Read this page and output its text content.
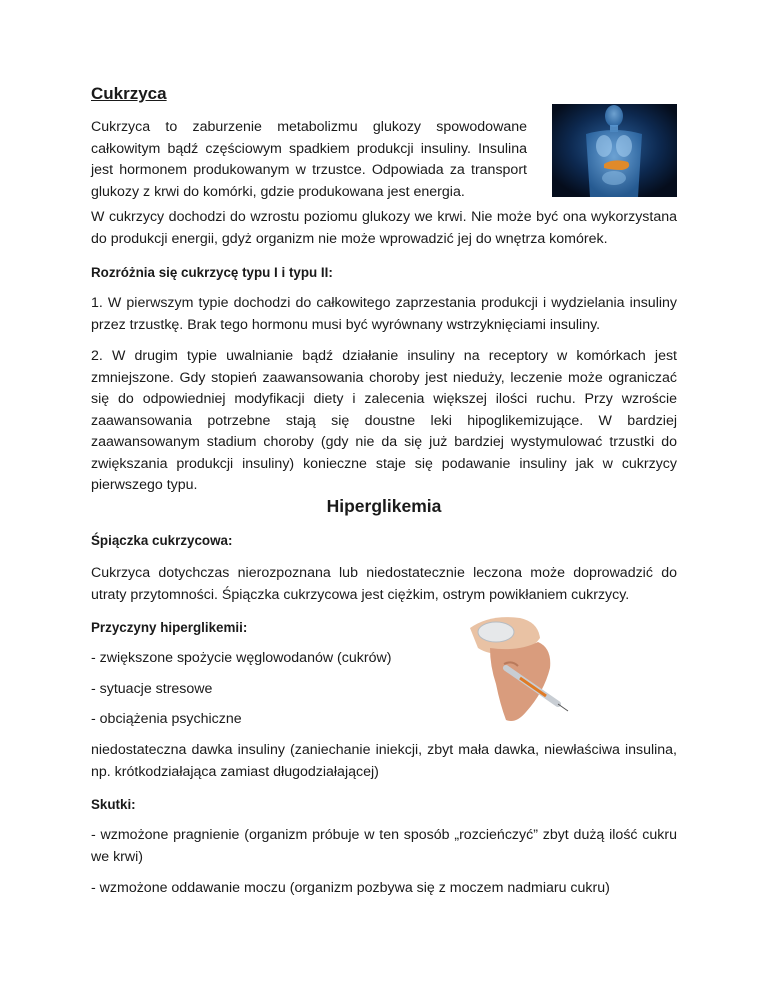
Cukrzyca

Cukrzyca to zaburzenie metabolizmu glukozy spowodowane całkowitym bądź częściowym spadkiem produkcji insuliny. Insulina jest hormonem produkowanym w trzustce. Odpowiada za transport glukozy z krwi do komórki, gdzie produkowana jest energia.

W cukrzycy dochodzi do wzrostu poziomu glukozy we krwi. Nie może być ona wykorzystana do produkcji energii, gdyż organizm nie może wprowadzić jej do wnętrza komórek.

Rozróżnia się cukrzycę typu I i typu II:

1. W pierwszym typie dochodzi do całkowitego zaprzestania produkcji i wydzielania insuliny przez trzustkę. Brak tego hormonu musi być wyrównany wstrzyknięciami insuliny.

2. W drugim typie uwalnianie bądź działanie insuliny na receptory w komórkach jest zmniejszone. Gdy stopień zaawansowania choroby jest nieduży, leczenie może ograniczać się do odpowiedniej modyfikacji diety i zalecenia większej ilości ruchu. Przy wzroście zaawansowania potrzebne stają się doustne leki hipoglikemizujące. W bardziej zaawansowanym stadium choroby (gdy nie da się już bardziej wystymulować trzustki do zwiększania produkcji insuliny) konieczne staje się podawanie insuliny jak w cukrzycy pierwszego typu.

Hiperglikemia

Śpiączka cukrzycowa:

Cukrzyca dotychczas nierozpoznana lub niedostatecznie leczona może doprowadzić do utraty przytomności. Śpiączka cukrzycowa jest ciężkim, ostrym powikłaniem cukrzycy.

Przyczyny hiperglikemii:

- zwiększone spożycie węglowodanów (cukrów)

- sytuacje stresowe

- obciążenia psychiczne

niedostateczna dawka insuliny (zaniechanie iniekcji, zbyt mała dawka, niewłaściwa insulina, np. krótkodziałająca zamiast długodziałającej)

Skutki:

- wzmożone pragnienie (organizm próbuje w ten sposób „rozcieńczyć” zbyt dużą ilość cukru we krwi)

- wzmożone oddawanie moczu (organizm pozbywa się z moczem nadmiaru cukru)
